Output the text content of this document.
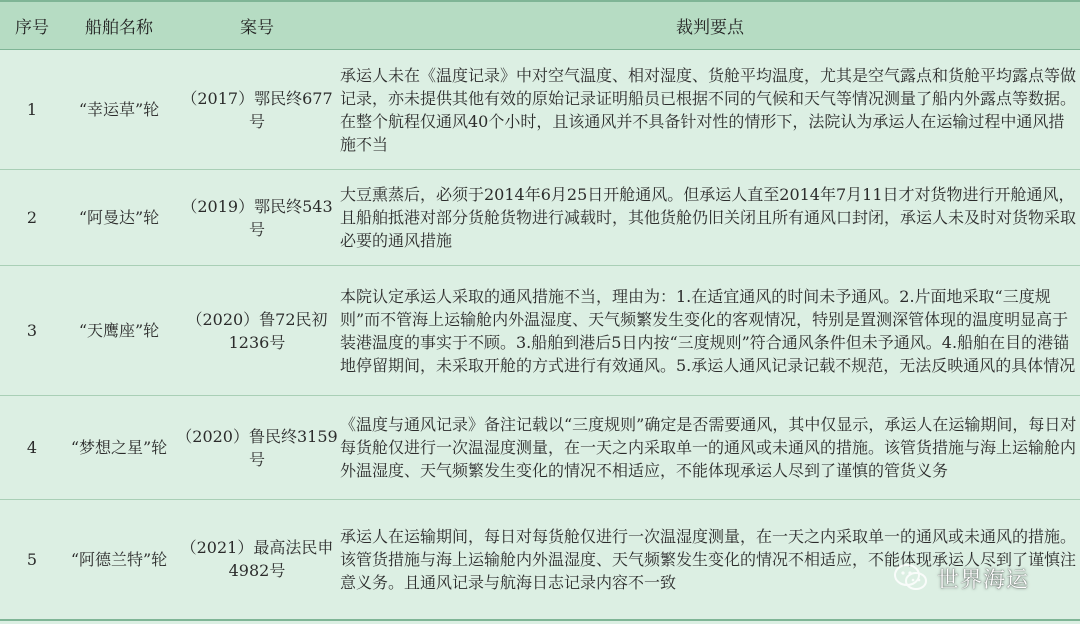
序号	船舶名称	案号	裁判要点
1	“幸运草”轮	（2017）鄂民终677号	承运人未在《温度记录》中对空气温度、相对湿度、货舱平均温度，尤其是空气露点和货舱平均露点等做记录，亦未提供其他有效的原始记录证明船员已根据不同的气候和天气等情况测量了船内外露点等数据。在整个航程仅通风40个小时，且该通风并不具备针对性的情形下，法院认为承运人在运输过程中通风措施不当
2	“阿曼达”轮	（2019）鄂民终543号	大豆熏蒸后，必须于2014年6月25日开舱通风。但承运人直至2014年7月11日才对货物进行开舱通风，且船舶抵港对部分货舱货物进行减载时，其他货舱仍旧关闭且所有通风口封闭，承运人未及时对货物采取必要的通风措施
3	“天鹰座”轮	（2020）鲁72民初1236号	本院认定承运人采取的通风措施不当，理由为：1.在适宜通风的时间未予通风。2.片面地采取“三度规则”而不管海上运输舱内外温湿度、天气频繁发生变化的客观情况，特别是置测深管体现的温度明显高于装港温度的事实于不顾。3.船舶到港后5日内按“三度规则”符合通风条件但未予通风。4.船舶在目的港锚地停留期间，未采取开舱的方式进行有效通风。5.承运人通风记录记载不规范，无法反映通风的具体情况
4	“梦想之星”轮	（2020）鲁民终3159号	《温度与通风记录》备注记载以“三度规则”确定是否需要通风，其中仅显示，承运人在运输期间，每日对每货舱仅进行一次温湿度测量，在一天之内采取单一的通风或未通风的措施。该管货措施与海上运输舱内外温湿度、天气频繁发生变化的情况不相适应，不能体现承运人尽到了谨慎的管货义务
5	“阿德兰特”轮	（2021）最高法民申4982号	承运人在运输期间，每日对每货舱仅进行一次温湿度测量，在一天之内采取单一的通风或未通风的措施。该管货措施与海上运输舱内外温湿度、天气频繁发生变化的情况不相适应，不能体现承运人尽到了谨慎注意义务。且通风记录与航海日志记录内容不一致	世界海运
